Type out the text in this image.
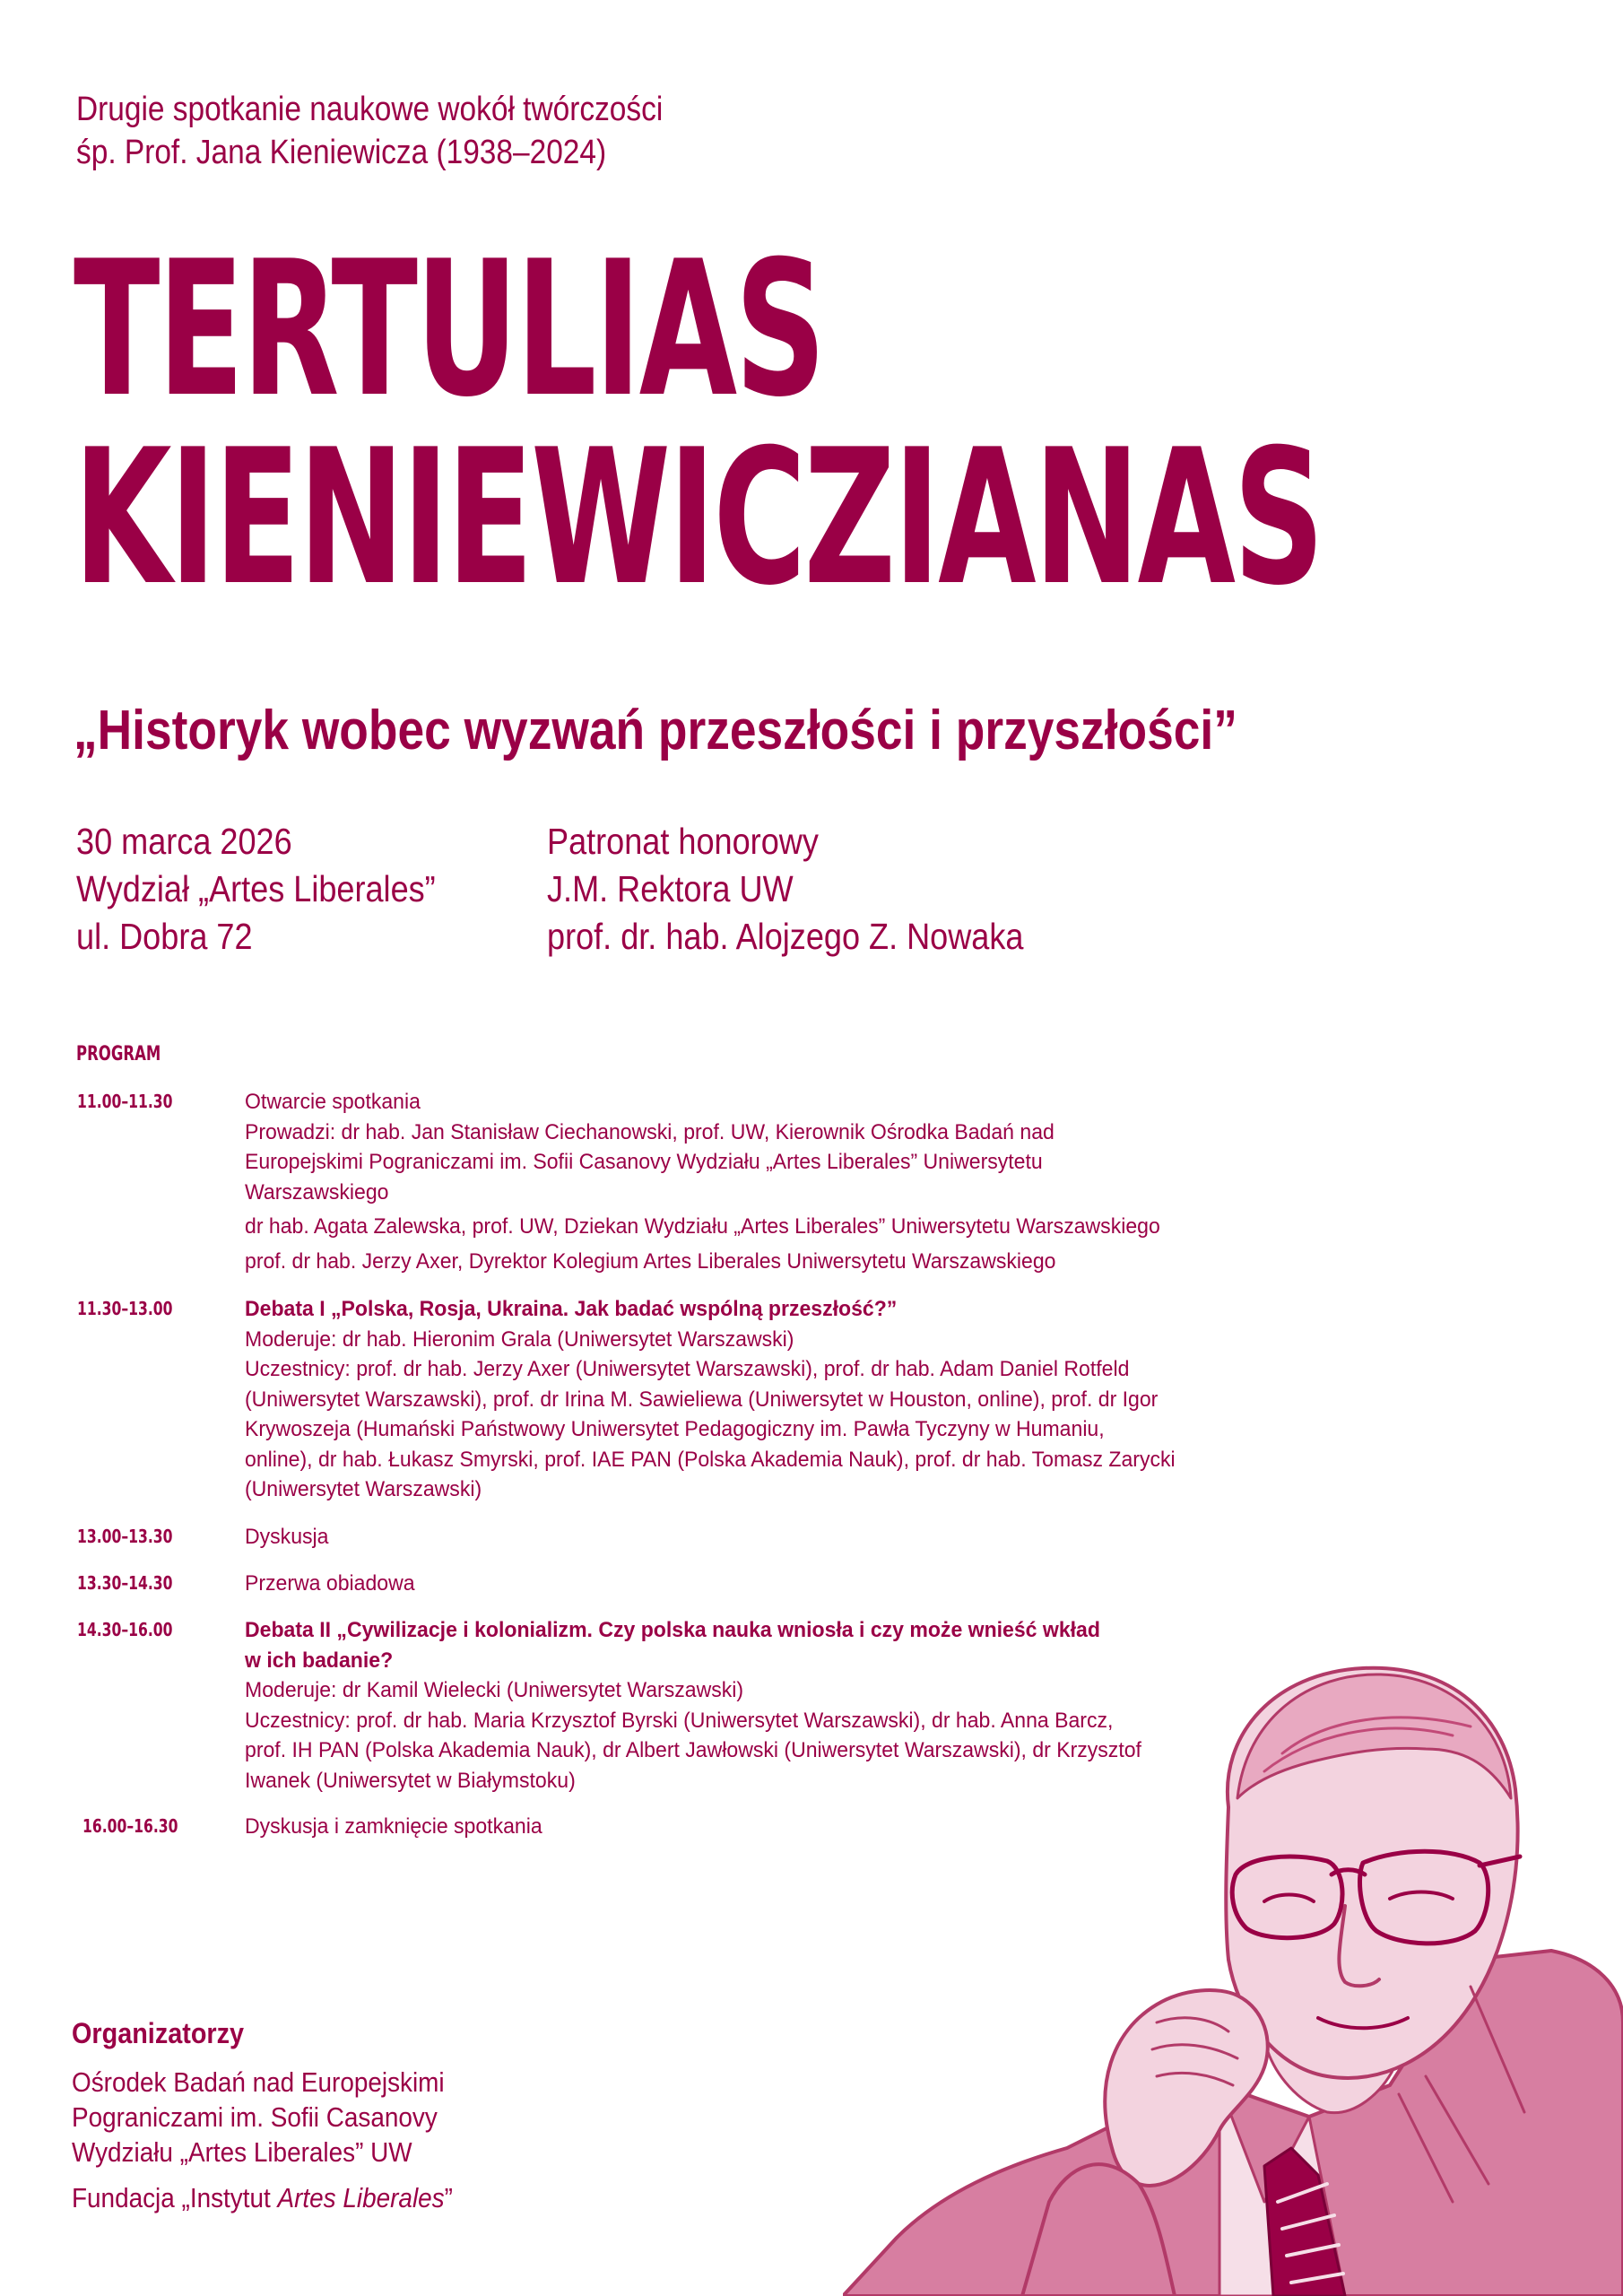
Drugie spotkanie naukowe wokół twórczości
śp. Prof. Jana Kieniewicza (1938–2024)
TERTULIAS
KIENIEWICZIANAS
„Historyk wobec wyzwań przeszłości i przyszłości”
30 marca 2026
Wydział „Artes Liberales”
ul. Dobra 72
Patronat honorowy
J.M. Rektora UW
prof. dr. hab. Alojzego Z. Nowaka
PROGRAM
11.00–11.30	Otwarcie spotkania
Prowadzi: dr hab. Jan Stanisław Ciechanowski, prof. UW, Kierownik Ośrodka Badań nad
Europejskimi Pograniczami im. Sofii Casanovy Wydziału „Artes Liberales” Uniwersytetu
Warszawskiego
dr hab. Agata Zalewska, prof. UW, Dziekan Wydziału „Artes Liberales” Uniwersytetu Warszawskiego
prof. dr hab. Jerzy Axer, Dyrektor Kolegium Artes Liberales Uniwersytetu Warszawskiego
11.30–13.00	Debata I „Polska, Rosja, Ukraina. Jak badać wspólną przeszłość?”
Moderuje: dr hab. Hieronim Grala (Uniwersytet Warszawski)
Uczestnicy: prof. dr hab. Jerzy Axer (Uniwersytet Warszawski), prof. dr hab. Adam Daniel Rotfeld
(Uniwersytet Warszawski), prof. dr Irina M. Sawieliewa (Uniwersytet w Houston, online), prof. dr Igor
Krywoszeja (Humański Państwowy Uniwersytet Pedagogiczny im. Pawła Tyczyny w Humaniu,
online), dr hab. Łukasz Smyrski, prof. IAE PAN (Polska Akademia Nauk), prof. dr hab. Tomasz Zarycki
(Uniwersytet Warszawski)
13.00–13.30	Dyskusja
13.30–14.30	Przerwa obiadowa
14.30–16.00	Debata II „Cywilizacje i kolonializm. Czy polska nauka wniosła i czy może wnieść wkład
w ich badanie?
Moderuje: dr Kamil Wielecki (Uniwersytet Warszawski)
Uczestnicy: prof. dr hab. Maria Krzysztof Byrski (Uniwersytet Warszawski), dr hab. Anna Barcz,
prof. IH PAN (Polska Akademia Nauk), dr Albert Jawłowski (Uniwersytet Warszawski), dr Krzysztof
Iwanek (Uniwersytet w Białymstoku)
16.00–16.30	Dyskusja i zamknięcie spotkania
Organizatorzy
Ośrodek Badań nad Europejskimi
Pograniczami im. Sofii Casanovy
Wydziału „Artes Liberales” UW
Fundacja „Instytut Artes Liberales”
